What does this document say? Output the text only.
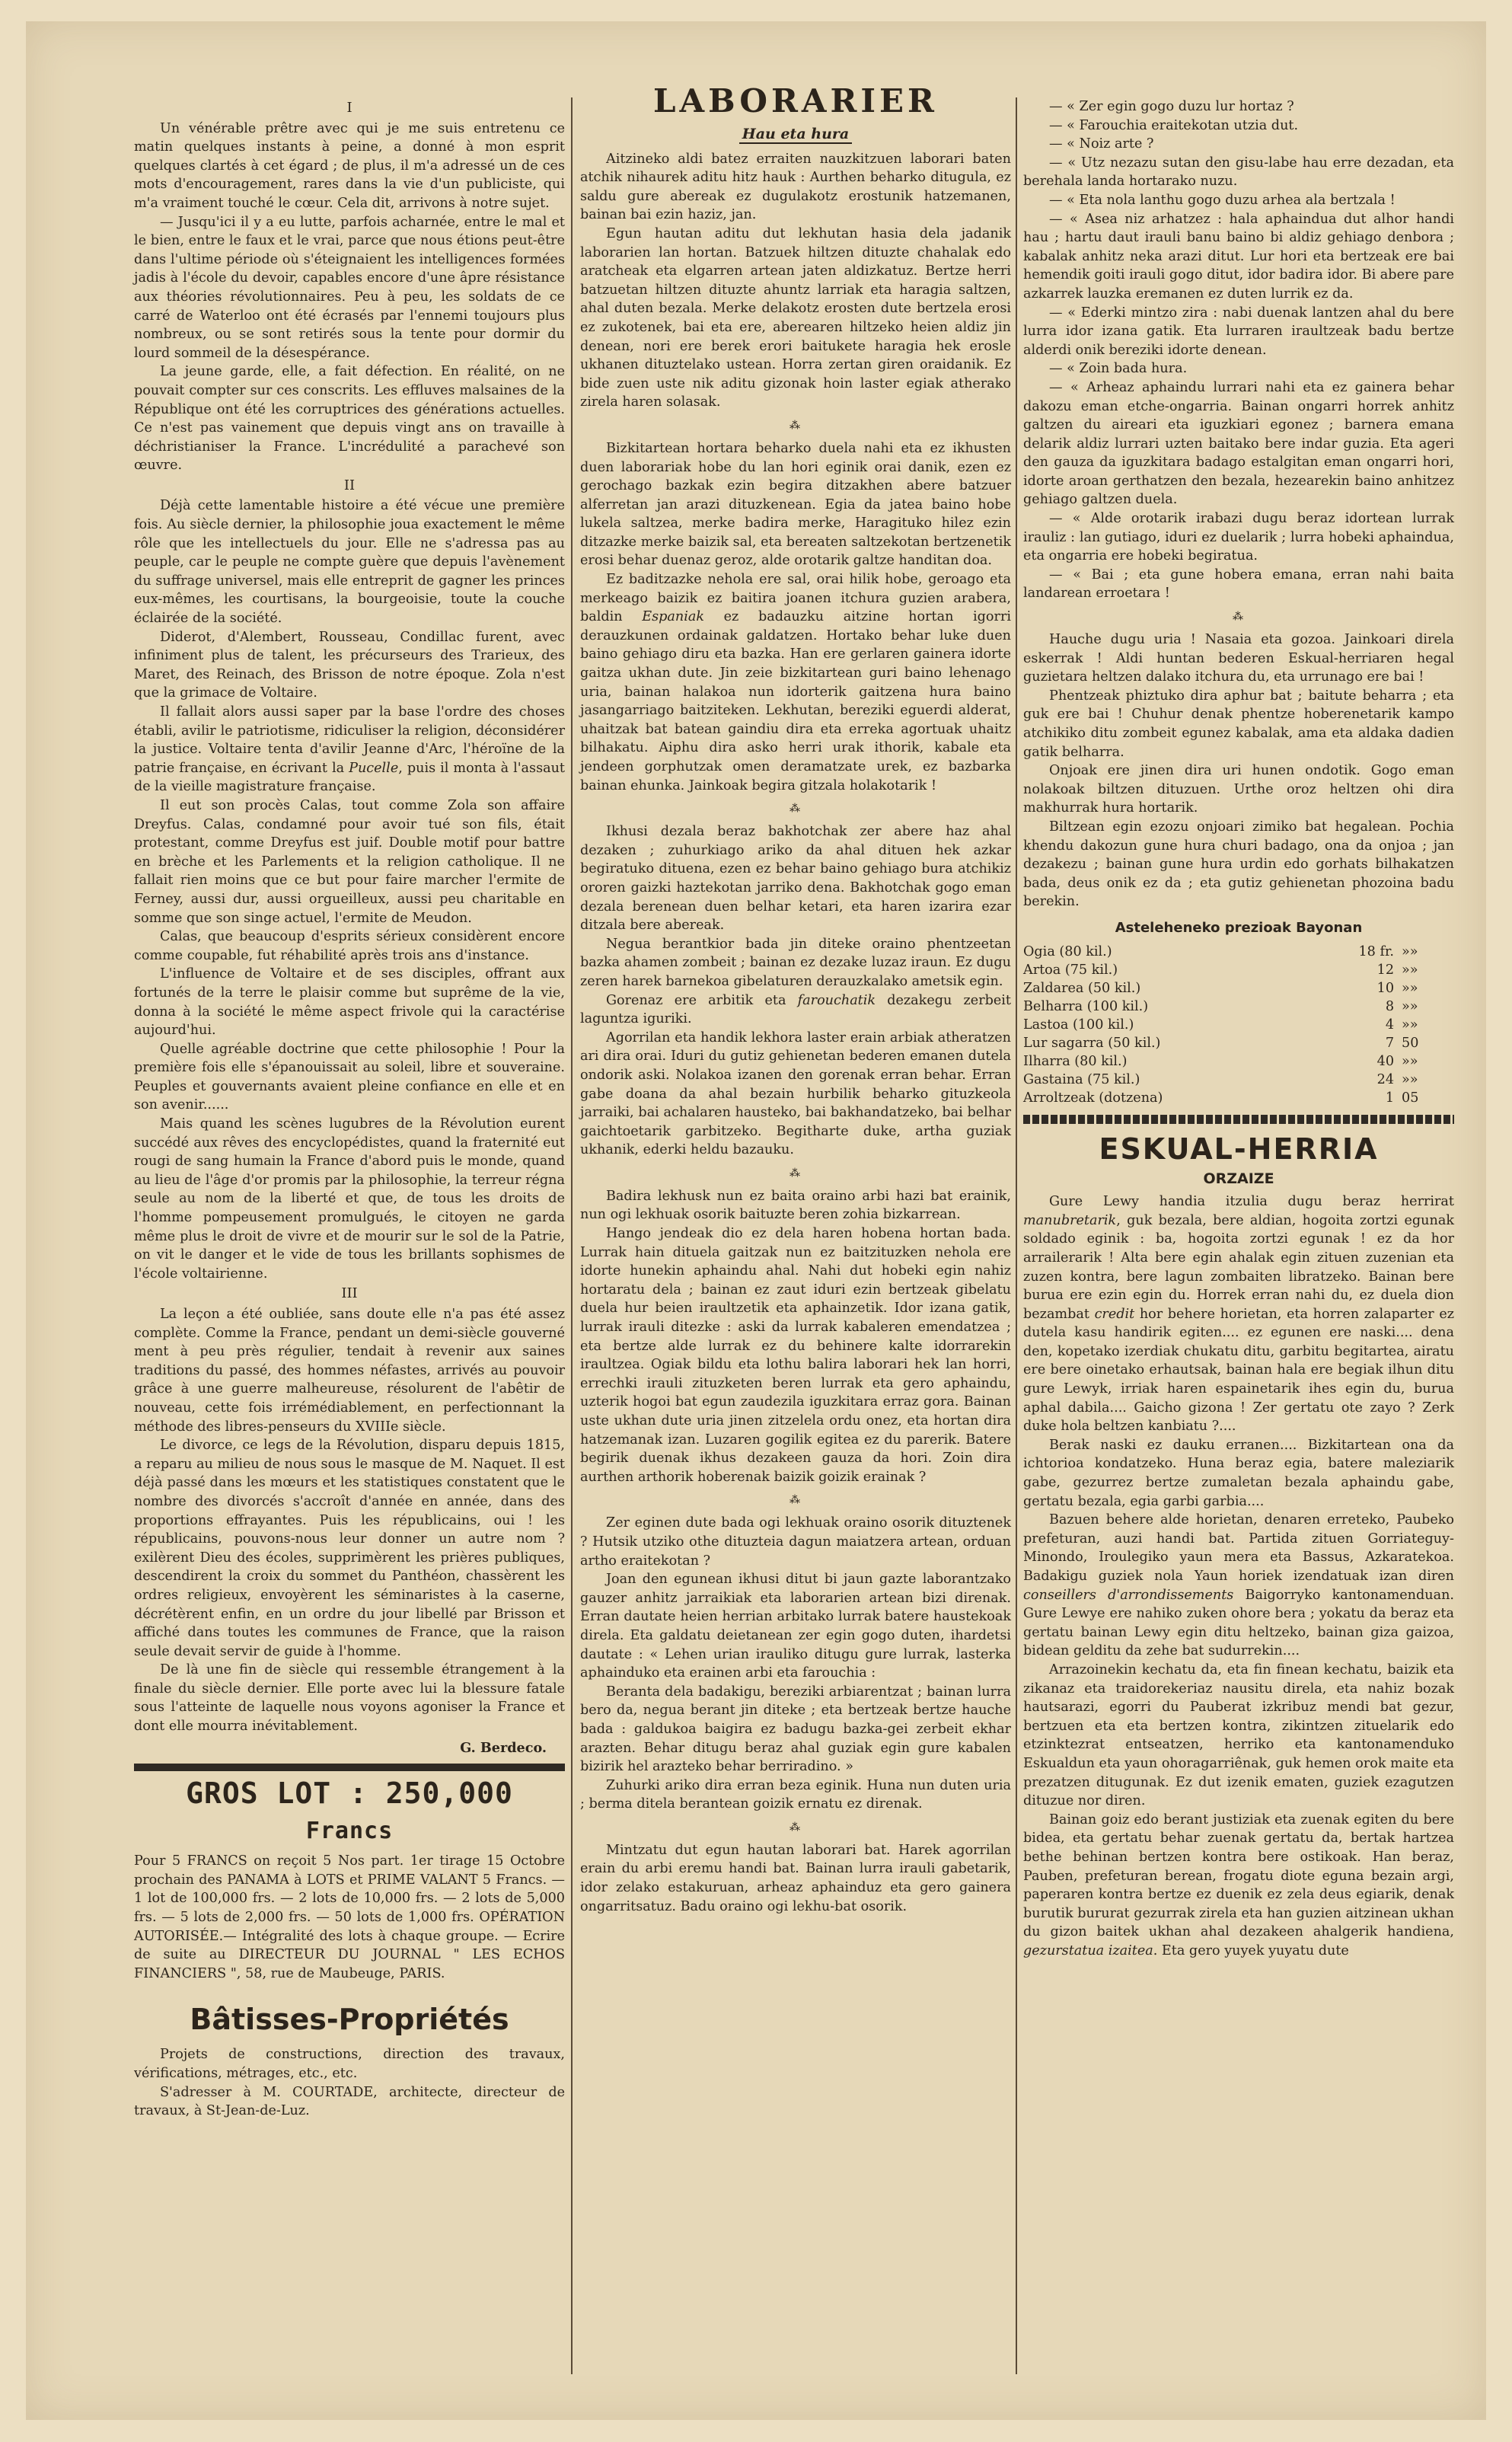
I

Un vénérable prêtre avec qui je me suis entretenu ce matin quelques instants à peine, a donné à mon esprit quelques clartés à cet égard ; de plus, il m'a adressé un de ces mots d'encouragement, rares dans la vie d'un publiciste, qui m'a vraiment touché le cœur. Cela dit, arrivons à notre sujet.

— Jusqu'ici il y a eu lutte, parfois acharnée, entre le mal et le bien, entre le faux et le vrai, parce que nous étions peut-être dans l'ultime période où s'éteignaient les intelligences formées jadis à l'école du devoir, capables encore d'une âpre résistance aux théories révolutionnaires. Peu à peu, les soldats de ce carré de Waterloo ont été écrasés par l'ennemi toujours plus nombreux, ou se sont retirés sous la tente pour dormir du lourd sommeil de la désespérance.

La jeune garde, elle, a fait défection. En réalité, on ne pouvait compter sur ces conscrits. Les effluves malsaines de la République ont été les corruptrices des générations actuelles. Ce n'est pas vainement que depuis vingt ans on travaille à déchristianiser la France. L'incrédulité a parachevé son œuvre.

II

Déjà cette lamentable histoire a été vécue une première fois. Au siècle dernier, la philosophie joua exactement le même rôle que les intellectuels du jour. Elle ne s'adressa pas au peuple, car le peuple ne compte guère que depuis l'avènement du suffrage universel, mais elle entreprit de gagner les princes eux-mêmes, les courtisans, la bourgeoisie, toute la couche éclairée de la société.

Diderot, d'Alembert, Rousseau, Condillac furent, avec infiniment plus de talent, les précurseurs des Trarieux, des Maret, des Reinach, des Brisson de notre époque. Zola n'est que la grimace de Voltaire.

Il fallait alors aussi saper par la base l'ordre des choses établi, avilir le patriotisme, ridiculiser la religion, déconsidérer la justice. Voltaire tenta d'avilir Jeanne d'Arc, l'héroïne de la patrie française, en écrivant la Pucelle, puis il monta à l'assaut de la vieille magistrature française.

Il eut son procès Calas, tout comme Zola son affaire Dreyfus. Calas, condamné pour avoir tué son fils, était protestant, comme Dreyfus est juif. Double motif pour battre en brèche et les Parlements et la religion catholique. Il ne fallait rien moins que ce but pour faire marcher l'ermite de Ferney, aussi dur, aussi orgueilleux, aussi peu charitable en somme que son singe actuel, l'ermite de Meudon.

Calas, que beaucoup d'esprits sérieux considèrent encore comme coupable, fut réhabilité après trois ans d'instance.

L'influence de Voltaire et de ses disciples, offrant aux fortunés de la terre le plaisir comme but suprême de la vie, donna à la société le même aspect frivole qui la caractérise aujourd'hui.

Quelle agréable doctrine que cette philosophie ! Pour la première fois elle s'épanouissait au soleil, libre et souveraine. Peuples et gouvernants avaient pleine confiance en elle et en son avenir......

Mais quand les scènes lugubres de la Révolution eurent succédé aux rêves des encyclopédistes, quand la fraternité eut rougi de sang humain la France d'abord puis le monde, quand au lieu de l'âge d'or promis par la philosophie, la terreur régna seule au nom de la liberté et que, de tous les droits de l'homme pompeusement promulgués, le citoyen ne garda même plus le droit de vivre et de mourir sur le sol de la Patrie, on vit le danger et le vide de tous les brillants sophismes de l'école voltairienne.

III

La leçon a été oubliée, sans doute elle n'a pas été assez complète. Comme la France, pendant un demi-siècle gouverné ment à peu près régulier, tendait à revenir aux saines traditions du passé, des hommes néfastes, arrivés au pouvoir grâce à une guerre malheureuse, résolurent de l'abêtir de nouveau, cette fois irrémédiablement, en perfectionnant la méthode des libres-penseurs du XVIIIe siècle.

Le divorce, ce legs de la Révolution, disparu depuis 1815, a reparu au milieu de nous sous le masque de M. Naquet. Il est déjà passé dans les mœurs et les statistiques constatent que le nombre des divorcés s'accroît d'année en année, dans des proportions effrayantes. Puis les républicains, oui ! les républicains, pouvons-nous leur donner un autre nom ? exilèrent Dieu des écoles, supprimèrent les prières publiques, descendirent la croix du sommet du Panthéon, chassèrent les ordres religieux, envoyèrent les séminaristes à la caserne, décrétèrent enfin, en un ordre du jour libellé par Brisson et affiché dans toutes les communes de France, que la raison seule devait servir de guide à l'homme.

De là une fin de siècle qui ressemble étrangement à la finale du siècle dernier. Elle porte avec lui la blessure fatale sous l'atteinte de laquelle nous voyons agoniser la France et dont elle mourra inévitablement.

G. Berdeco.
GROS LOT : 250,000 Francs

Pour 5 FRANCS on reçoit 5 Nos part. 1er tirage 15 Octobre prochain des PANAMA à LOTS et PRIME VALANT 5 Francs. — 1 lot de 100,000 frs. — 2 lots de 10,000 frs. — 2 lots de 5,000 frs. — 5 lots de 2,000 frs. — 50 lots de 1,000 frs. OPÉRATION AUTORISÉE.— Intégralité des lots à chaque groupe. — Ecrire de suite au DIRECTEUR DU JOURNAL " LES ECHOS FINANCIERS ", 58, rue de Maubeuge, PARIS.

Bâtisses-Propriétés

Projets de constructions, direction des travaux, vérifications, métrages, etc., etc.

S'adresser à M. COURTADE, architecte, directeur de travaux, à St-Jean-de-Luz.

LABORARIER
Hau eta hura

Aitzineko aldi batez erraiten nauzkitzuen laborari baten atchik nihaurek aditu hitz hauk : Aurthen beharko ditugula, ez saldu gure abereak ez dugulakotz erostunik hatzemanen, bainan bai ezin haziz, jan.

Egun hautan aditu dut lekhutan hasia dela jadanik laborarien lan hortan. Batzuek hiltzen dituzte chahalak edo aratcheak eta elgarren artean jaten aldizkatuz. Bertze herri batzuetan hiltzen dituzte ahuntz larriak eta haragia saltzen, ahal duten bezala. Merke delakotz erosten dute bertzela erosi ez zukotenek, bai eta ere, aberearen hiltzeko heien aldiz jin denean, nori ere berek erori baitukete haragia hek erosle ukhanen dituztelako ustean. Horra zertan giren oraidanik. Ez bide zuen uste nik aditu gizonak hoin laster egiak atherako zirela haren solasak.

⁂

Bizkitartean hortara beharko duela nahi eta ez ikhusten duen laborariak hobe du lan hori eginik orai danik, ezen ez gerochago bazkak ezin begira ditzakhen abere batzuer alferretan jan arazi dituzkenean. Egia da jatea baino hobe lukela saltzea, merke badira merke, Haragituko hilez ezin ditzazke merke baizik sal, eta bereaten saltzekotan bertzenetik erosi behar duenaz geroz, alde orotarik galtze handitan doa.

Ez baditzazke nehola ere sal, orai hilik hobe, geroago eta merkeago baizik ez baitira joanen itchura guzien arabera, baldin Espaniak ez badauzku aitzine hortan igorri derauzkunen ordainak galdatzen. Hortako behar luke duen baino gehiago diru eta bazka. Han ere gerlaren gainera idorte gaitza ukhan dute. Jin zeie bizkitartean guri baino lehenago uria, bainan halakoa nun idorterik gaitzena hura baino jasangarriago baitziteken. Lekhutan, bereziki eguerdi alderat, uhaitzak bat batean gaindiu dira eta erreka agortuak uhaitz bilhakatu. Aiphu dira asko herri urak ithorik, kabale eta jendeen gorphutzak omen deramatzate urek, ez bazbarka bainan ehunka. Jainkoak begira gitzala holakotarik !

⁂

Ikhusi dezala beraz bakhotchak zer abere haz ahal dezaken ; zuhurkiago ariko da ahal dituen hek azkar begiratuko dituena, ezen ez behar baino gehiago bura atchikiz ororen gaizki haztekotan jarriko dena. Bakhotchak gogo eman dezala berenean duen belhar ketari, eta haren izarira ezar ditzala bere abereak.

Negua berantkior bada jin diteke oraino phentzeetan bazka ahamen zombeit ; bainan ez dezake luzaz iraun. Ez dugu zeren harek barnekoa gibelaturen derauzkalako ametsik egin.

Gorenaz ere arbitik eta farouchatik dezakegu zerbeit laguntza iguriki.

Agorrilan eta handik lekhora laster erain arbiak atheratzen ari dira orai. Iduri du gutiz gehienetan bederen emanen dutela ondorik aski. Nolakoa izanen den gorenak erran behar. Erran gabe doana da ahal bezain hurbilik beharko gituzkeola jarraiki, bai achalaren hausteko, bai bakhandatzeko, bai belhar gaichtoetarik garbitzeko. Begitharte duke, artha guziak ukhanik, ederki heldu bazauku.

⁂

Badira lekhusk nun ez baita oraino arbi hazi bat erainik, nun ogi lekhuak osorik baituzte beren zohia bizkarrean.

Hango jendeak dio ez dela haren hobena hortan bada. Lurrak hain dituela gaitzak nun ez baitzituzken nehola ere idorte hunekin aphaindu ahal. Nahi dut hobeki egin nahiz hortaratu dela ; bainan ez zaut iduri ezin bertzeak gibelatu duela hur beien iraultzetik eta aphainzetik. Idor izana gatik, lurrak irauli ditezke : aski da lurrak kabaleren emendatzea ; eta bertze alde lurrak ez du behinere kalte idorrarekin iraultzea. Ogiak bildu eta lothu balira laborari hek lan horri, errechki irauli zituzketen beren lurrak eta gero aphaindu, uzterik hogoi bat egun zaudezila iguzkitara erraz gora. Bainan uste ukhan dute uria jinen zitzelela ordu onez, eta hortan dira hatzemanak izan. Luzaren gogilik egitea ez du parerik. Batere begirik duenak ikhus dezakeen gauza da hori. Zoin dira aurthen arthorik hoberenak baizik goizik erainak ?

⁂

Zer eginen dute bada ogi lekhuak oraino osorik dituztenek ? Hutsik utziko othe dituzteia dagun maiatzera artean, orduan artho eraitekotan ?

Joan den egunean ikhusi ditut bi jaun gazte laborantzako gauzer anhitz jarraikiak eta laborarien artean bizi direnak. Erran dautate heien herrian arbitako lurrak batere haustekoak direla. Eta galdatu deietanean zer egin gogo duten, ihardetsi dautate : « Lehen urian irauliko ditugu gure lurrak, lasterka aphainduko eta erainen arbi eta farouchia :

Beranta dela badakigu, bereziki arbiarentzat ; bainan lurra bero da, negua berant jin diteke ; eta bertzeak bertze hauche bada : galdukoa baigira ez badugu bazka-gei zerbeit ekhar arazten. Behar ditugu beraz ahal guziak egin gure kabalen bizirik hel arazteko behar berriradino. »

Zuhurki ariko dira erran beza eginik. Huna nun duten uria ; berma ditela berantean goizik ernatu ez direnak.

⁂

Mintzatu dut egun hautan laborari bat. Harek agorrilan erain du arbi eremu handi bat. Bainan lurra irauli gabetarik, idor zelako estakuruan, arheaz aphainduz eta gero gainera ongarritsatuz. Badu oraino ogi lekhu-bat osorik.

— « Zer egin gogo duzu lur hortaz ?

— « Farouchia eraitekotan utzia dut.

— « Noiz arte ?

— « Utz nezazu sutan den gisu-labe hau erre dezadan, eta berehala landa hortarako nuzu.

— « Eta nola lanthu gogo duzu arhea ala bertzala !

— « Asea niz arhatzez : hala aphaindua dut alhor handi hau ; hartu daut irauli banu baino bi aldiz gehiago denbora ; kabalak anhitz neka arazi ditut. Lur hori eta bertzeak ere bai hemendik goiti irauli gogo ditut, idor badira idor. Bi abere pare azkarrek lauzka eremanen ez duten lurrik ez da.

— « Ederki mintzo zira : nabi duenak lantzen ahal du bere lurra idor izana gatik. Eta lurraren iraultzeak badu bertze alderdi onik bereziki idorte denean.

— « Zoin bada hura.

— « Arheaz aphaindu lurrari nahi eta ez gainera behar dakozu eman etche-ongarria. Bainan ongarri horrek anhitz galtzen du aireari eta iguzkiari egonez ; barnera emana delarik aldiz lurrari uzten baitako bere indar guzia. Eta ageri den gauza da iguzkitara badago estalgitan eman ongarri hori, idorte aroan gerthatzen den bezala, hezearekin baino anhitzez gehiago galtzen duela.

— « Alde orotarik irabazi dugu beraz idortean lurrak irauliz : lan gutiago, iduri ez duelarik ; lurra hobeki aphaindua, eta ongarria ere hobeki begiratua.

— « Bai ; eta gune hobera emana, erran nahi baita landarean erroetara !

⁂

Hauche dugu uria ! Nasaia eta gozoa. Jainkoari direla eskerrak ! Aldi huntan bederen Eskual-herriaren hegal guzietara heltzen dalako itchura du, eta urrunago ere bai !

Phentzeak phiztuko dira aphur bat ; baitute beharra ; eta guk ere bai ! Chuhur denak phentze hoberenetarik kampo atchikiko ditu zombeit egunez kabalak, ama eta aldaka dadien gatik belharra.

Onjoak ere jinen dira uri hunen ondotik. Gogo eman nolakoak biltzen dituzuen. Urthe oroz heltzen ohi dira makhurrak hura hortarik.

Biltzean egin ezozu onjoari zimiko bat hegalean. Pochia khendu dakozun gune hura churi badago, ona da onjoa ; jan dezakezu ; bainan gune hura urdin edo gorhats bilhakatzen bada, deus onik ez da ; eta gutiz gehienetan phozoina badu berekin.

Asteleheneko prezioak Bayonan
Ogia (80 kil.)	18 fr.	»»
Artoa (75 kil.)	12	»»
Zaldarea (50 kil.)	10	»»
Belharra (100 kil.)	8	»»
Lastoa (100 kil.)	4	»»
Lur sagarra (50 kil.)	7	50
Ilharra (80 kil.)	40	»»
Gastaina (75 kil.)	24	»»
Arroltzeak (dotzena)	1	05
ESKUAL-HERRIA
ORZAIZE

Gure Lewy handia itzulia dugu beraz herrirat manubretarik, guk bezala, bere aldian, hogoita zortzi egunak soldado eginik : ba, hogoita zortzi egunak ! ez da hor arrailerarik ! Alta bere egin ahalak egin zituen zuzenian eta zuzen kontra, bere lagun zombaiten libratzeko. Bainan bere burua ere ezin egin du. Horrek erran nahi du, ez duela dion bezambat credit hor behere horietan, eta horren zalaparter ez dutela kasu handirik egiten.... ez egunen ere naski.... dena den, kopetako izerdiak chukatu ditu, garbitu begitartea, airatu ere bere oinetako erhautsak, bainan hala ere begiak ilhun ditu gure Lewyk, irriak haren espainetarik ihes egin du, burua aphal dabila.... Gaicho gizona ! Zer gertatu ote zayo ? Zerk duke hola beltzen kanbiatu ?....

Berak naski ez dauku erranen.... Bizkitartean ona da ichtorioa kondatzeko. Huna beraz egia, batere maleziarik gabe, gezurrez bertze zumaletan bezala aphaindu gabe, gertatu bezala, egia garbi garbia....

Bazuen behere alde horietan, denaren erreteko, Paubeko prefeturan, auzi handi bat. Partida zituen Gorriateguy-Minondo, Iroulegiko yaun mera eta Bassus, Azkaratekoa. Badakigu guziek nola Yaun horiek izendatuak izan diren conseillers d'arrondissements Baigorryko kantonamenduan. Gure Lewye ere nahiko zuken ohore bera ; yokatu da beraz eta gertatu bainan Lewy egin ditu heltzeko, bainan giza gaizoa, bidean gelditu da zehe bat sudurrekin....

Arrazoinekin kechatu da, eta fin finean kechatu, baizik eta zikanaz eta traidorekeriaz nausitu direla, eta nahiz bozak hautsarazi, egorri du Pauberat izkribuz mendi bat gezur, bertzuen eta eta bertzen kontra, zikintzen zituelarik edo etzinktezrat entseatzen, herriko eta kantonamenduko Eskualdun eta yaun ohoragarriênak, guk hemen orok maite eta prezatzen ditugunak. Ez dut izenik ematen, guziek ezagutzen dituzue nor diren.

Bainan goiz edo berant justiziak eta zuenak egiten du bere bidea, eta gertatu behar zuenak gertatu da, bertak hartzea bethe behinan bertzen kontra bere ostikoak. Han beraz, Pauben, prefeturan berean, frogatu diote eguna bezain argi, paperaren kontra bertze ez duenik ez zela deus egiarik, denak burutik bururat gezurrak zirela eta han guzien aitzinean ukhan du gizon baitek ukhan ahal dezakeen ahalgerik handiena, gezurstatua izaitea. Eta gero yuyek yuyatu dute
